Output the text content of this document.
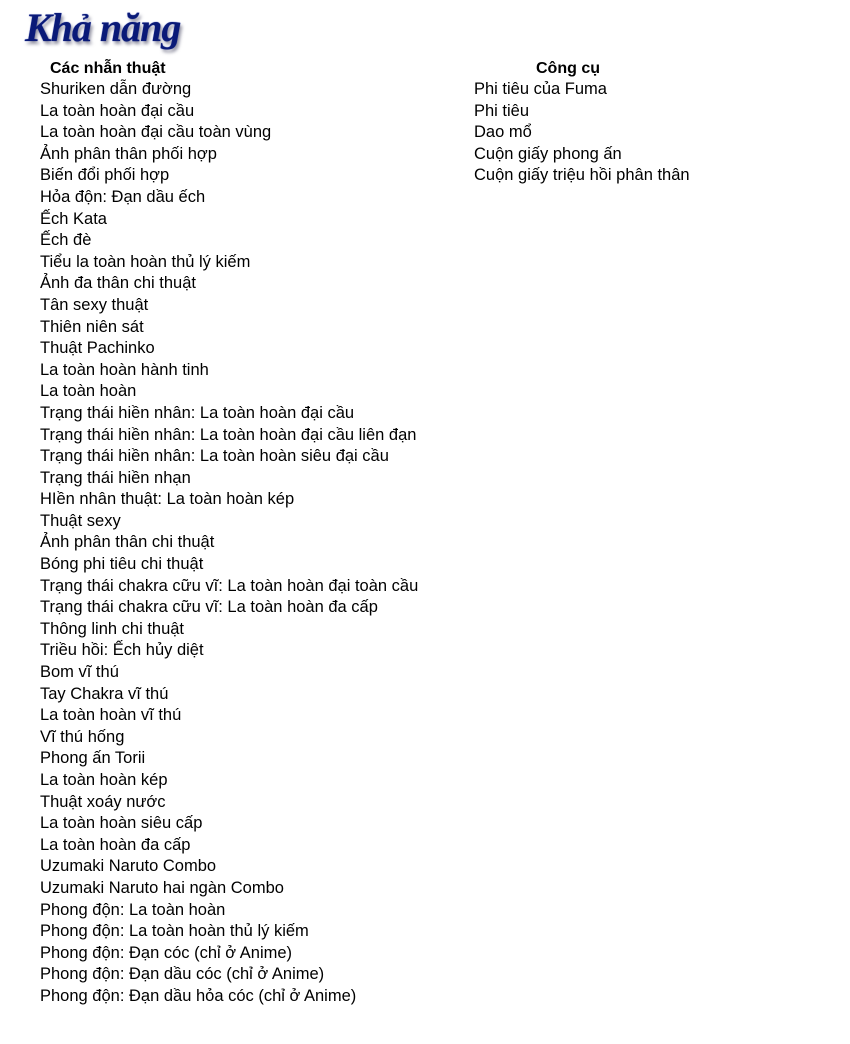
Khả năng
Các nhẫn thuật
Shuriken dẫn đường
La toàn hoàn đại cầu
La toàn hoàn đại cầu toàn vùng
Ảnh phân thân phối hợp
Biến đổi phối hợp
Hỏa độn: Đạn dầu ếch
Ếch Kata
Ếch đè
Tiểu la toàn hoàn thủ lý kiếm
Ảnh đa thân chi thuật
Tân sexy thuật
Thiên niên sát
Thuật Pachinko
La toàn hoàn hành tinh
La toàn hoàn
Trạng thái hiền nhân: La toàn hoàn đại cầu
Trạng thái hiền nhân: La toàn hoàn đại cầu liên đạn
Trạng thái hiền nhân: La toàn hoàn siêu đại cầu
Trạng thái hiền nhạn
HIền nhân thuật: La toàn hoàn kép
Thuật sexy
Ảnh phân thân chi thuật
Bóng phi tiêu chi thuật
Trạng thái chakra cữu vĩ: La toàn hoàn đại toàn cầu
Trạng thái chakra cữu vĩ: La toàn hoàn đa cấp
Thông linh chi thuật
Triều hồi: Ếch hủy diệt
Bom vĩ thú
Tay Chakra vĩ thú
La toàn hoàn vĩ thú
Vĩ thú hống
Phong ấn Torii
La toàn hoàn kép
Thuật xoáy nước
La toàn hoàn siêu cấp
La toàn hoàn đa cấp
Uzumaki Naruto Combo
Uzumaki Naruto hai ngàn Combo
Phong độn: La toàn hoàn
Phong độn: La toàn hoàn thủ lý kiếm
Phong độn: Đạn cóc (chỉ ở Anime)
Phong độn: Đạn dầu cóc (chỉ ở Anime)
Phong độn: Đạn dầu hỏa cóc (chỉ ở Anime)
Công cụ
Phi tiêu của Fuma
Phi tiêu
Dao mổ
Cuộn giấy phong ấn
Cuộn giấy triệu hồi phân thân
